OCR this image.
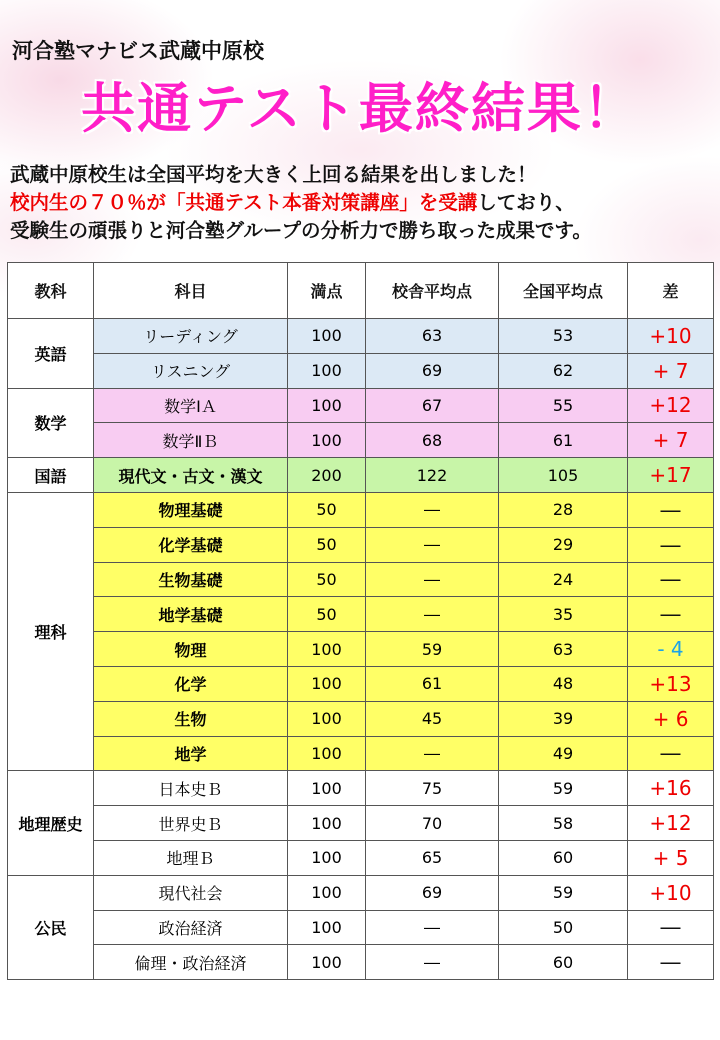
河合塾マナビス武蔵中原校
共通テスト最終結果！
武蔵中原校生は全国平均を大きく上回る結果を出しました！
校内生の７０％が「共通テスト本番対策講座」を受講しており、
受験生の頑張りと河合塾グループの分析力で勝ち取った成果です。
教科	科目	満点	校舎平均点	全国平均点	差
英語	リーディング	100	63	53	+10
	リスニング	100	69	62	+ 7
数学	数学ⅠＡ	100	67	55	+12
	数学ⅡＢ	100	68	61	+ 7
国語	現代文・古文・漢文	200	122	105	+17
理科	物理基礎	50	―	28	―
	化学基礎	50	―	29	―
	生物基礎	50	―	24	―
	地学基礎	50	―	35	―
	物理	100	59	63	- 4
	化学	100	61	48	+13
	生物	100	45	39	+ 6
	地学	100	―	49	―
地理歴史	日本史Ｂ	100	75	59	+16
	世界史Ｂ	100	70	58	+12
	地理Ｂ	100	65	60	+ 5
公民	現代社会	100	69	59	+10
	政治経済	100	―	50	―
	倫理・政治経済	100	―	60	―
